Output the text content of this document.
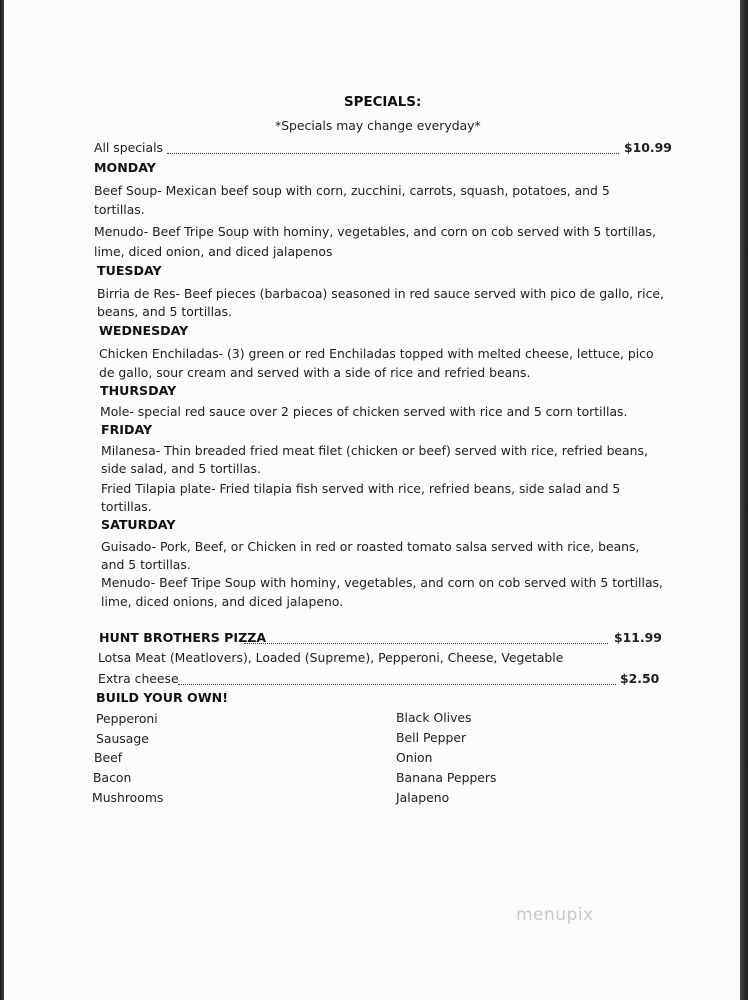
SPECIALS:
*Specials may change everyday*
All specials	$10.99
MONDAY
Beef Soup- Mexican beef soup with corn, zucchini, carrots, squash, potatoes, and 5
tortillas.
Menudo- Beef Tripe Soup with hominy, vegetables, and corn on cob served with 5 tortillas,
lime, diced onion, and diced jalapenos
TUESDAY
Birria de Res- Beef pieces (barbacoa) seasoned in red sauce served with pico de gallo, rice,
beans, and 5 tortillas.
WEDNESDAY
Chicken Enchiladas- (3) green or red Enchiladas topped with melted cheese, lettuce, pico
de gallo, sour cream and served with a side of rice and refried beans.
THURSDAY
Mole- special red sauce over 2 pieces of chicken served with rice and 5 corn tortillas.
FRIDAY
Milanesa- Thin breaded fried meat filet (chicken or beef) served with rice, refried beans,
side salad, and 5 tortillas.
Fried Tilapia plate- Fried tilapia fish served with rice, refried beans, side salad and 5
tortillas.
SATURDAY
Guisado- Pork, Beef, or Chicken in red or roasted tomato salsa served with rice, beans,
and 5 tortillas.
Menudo- Beef Tripe Soup with hominy, vegetables, and corn on cob served with 5 tortillas,
lime, diced onions, and diced jalapeno.
HUNT BROTHERS PIZZA	$11.99
Lotsa Meat (Meatlovers), Loaded (Supreme), Pepperoni, Cheese, Vegetable
Extra cheese	$2.50
BUILD YOUR OWN!
Pepperoni
Sausage
Beef
Bacon
Mushrooms
Black Olives
Bell Pepper
Onion
Banana Peppers
Jalapeno
menupix
